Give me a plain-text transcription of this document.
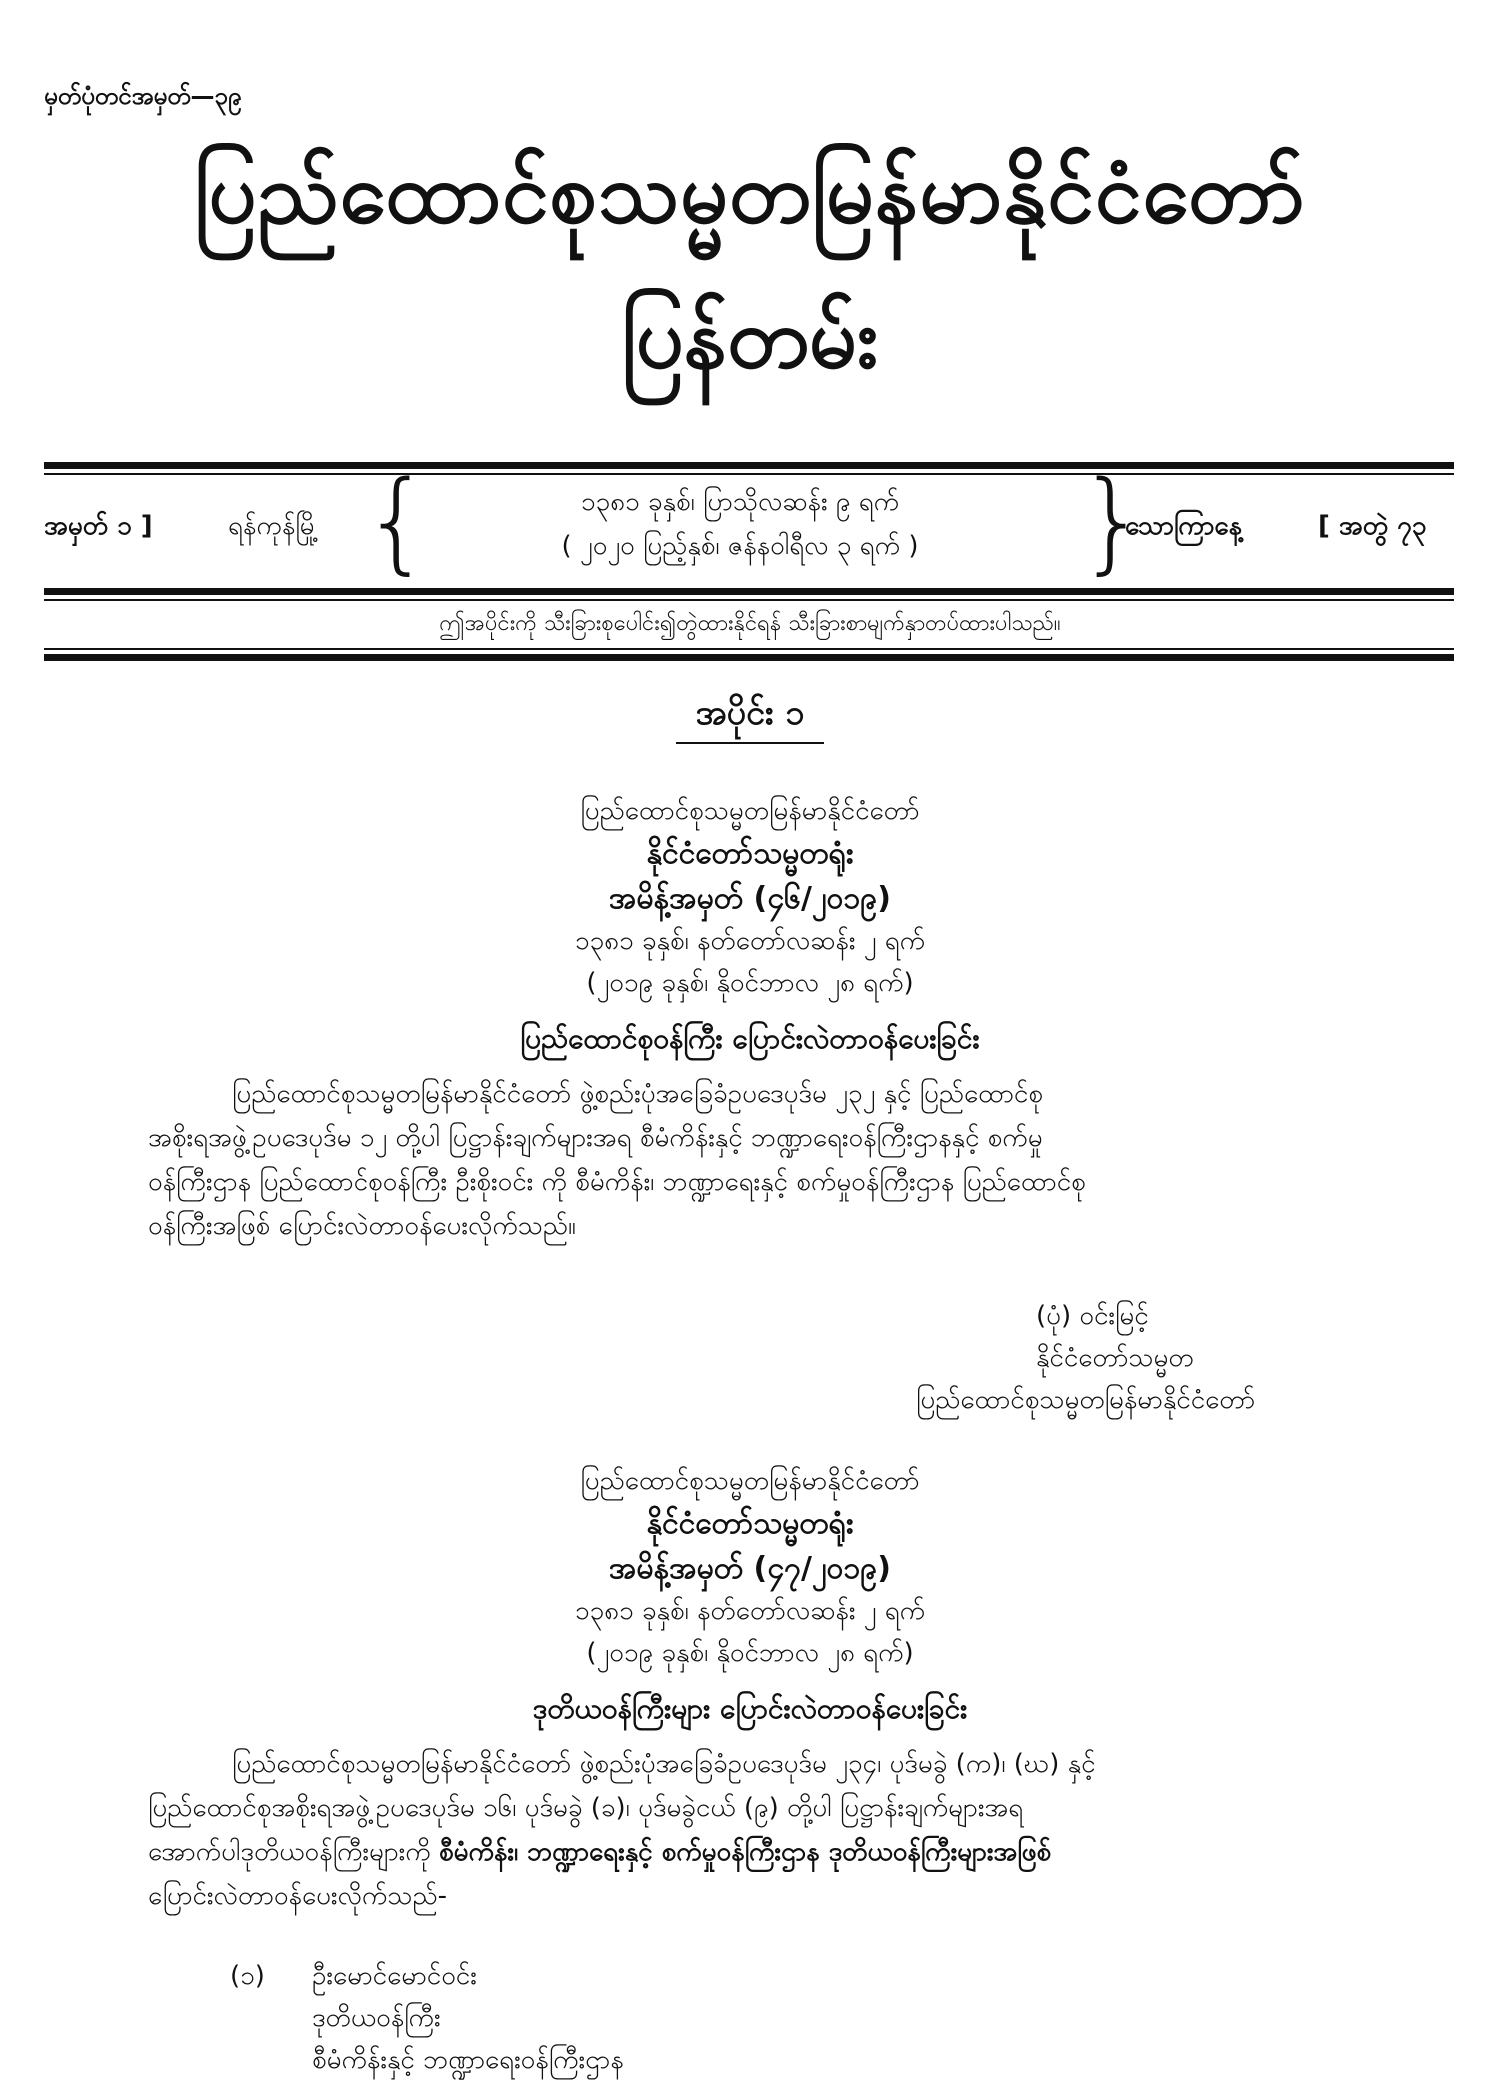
မှတ်ပုံတင်အမှတ်—၃၉
ပြည်ထောင်စုသမ္မတမြန်မာနိုင်ငံတော်
ပြန်တမ်း
အမှတ် ၁ ]	ရန်ကုန်မြို့ {	၁၃၈၁ ခုနှစ်၊ ပြာသိုလဆန်း ၉ ရက်
( ၂၀၂၀ ပြည့်နှစ်၊ ဇန်နဝါရီလ ၃ ရက် )	}
သောကြာနေ့	[ အတွဲ ၇၃
ဤအပိုင်းကို သီးခြားစုပေါင်း၍တွဲထားနိုင်ရန် သီးခြားစာမျက်နှာတပ်ထားပါသည်။
အပိုင်း ၁
ပြည်ထောင်စုသမ္မတမြန်မာနိုင်ငံတော်
နိုင်ငံတော်သမ္မတရုံး
အမိန့်အမှတ် (၄၆/၂၀၁၉)
၁၃၈၁ ခုနှစ်၊ နတ်တော်လဆန်း ၂ ရက်
(၂၀၁၉ ခုနှစ်၊ နိုဝင်ဘာလ ၂၈ ရက်)
ပြည်ထောင်စုဝန်ကြီး ပြောင်းလဲတာဝန်ပေးခြင်း
ပြည်ထောင်စုသမ္မတမြန်မာနိုင်ငံတော် ဖွဲ့စည်းပုံအခြေခံဥပဒေပုဒ်မ ၂၃၂ နှင့် ပြည်ထောင်စု
အစိုးရအဖွဲ့ဥပဒေပုဒ်မ ၁၂ တို့ပါ ပြဋ္ဌာန်းချက်များအရ စီမံကိန်းနှင့် ဘဏ္ဍာရေးဝန်ကြီးဌာနနှင့် စက်မှု
ဝန်ကြီးဌာန ပြည်ထောင်စုဝန်ကြီး ဦးစိုးဝင်း ကို စီမံကိန်း၊ ဘဏ္ဍာရေးနှင့် စက်မှုဝန်ကြီးဌာန ပြည်ထောင်စု
ဝန်ကြီးအဖြစ် ပြောင်းလဲတာဝန်ပေးလိုက်သည်။
(ပုံ) ဝင်းမြင့်
နိုင်ငံတော်သမ္မတ
ပြည်ထောင်စုသမ္မတမြန်မာနိုင်ငံတော်
ပြည်ထောင်စုသမ္မတမြန်မာနိုင်ငံတော်
နိုင်ငံတော်သမ္မတရုံး
အမိန့်အမှတ် (၄၇/၂၀၁၉)
၁၃၈၁ ခုနှစ်၊ နတ်တော်လဆန်း ၂ ရက်
(၂၀၁၉ ခုနှစ်၊ နိုဝင်ဘာလ ၂၈ ရက်)
ဒုတိယဝန်ကြီးများ ပြောင်းလဲတာဝန်ပေးခြင်း
ပြည်ထောင်စုသမ္မတမြန်မာနိုင်ငံတော် ဖွဲ့စည်းပုံအခြေခံဥပဒေပုဒ်မ ၂၃၄၊ ပုဒ်မခွဲ (က)၊ (ဃ) နှင့်
ပြည်ထောင်စုအစိုးရအဖွဲ့ဥပဒေပုဒ်မ ၁၆၊ ပုဒ်မခွဲ (ခ)၊ ပုဒ်မခွဲငယ် (၉) တို့ပါ ပြဋ္ဌာန်းချက်များအရ
အောက်ပါဒုတိယဝန်ကြီးများကို စီမံကိန်း၊ ဘဏ္ဍာရေးနှင့် စက်မှုဝန်ကြီးဌာန ဒုတိယဝန်ကြီးများအဖြစ်
ပြောင်းလဲတာဝန်ပေးလိုက်သည်-
(၁) ဦးမောင်မောင်ဝင်း
ဒုတိယဝန်ကြီး
စီမံကိန်းနှင့် ဘဏ္ဍာရေးဝန်ကြီးဌာန
